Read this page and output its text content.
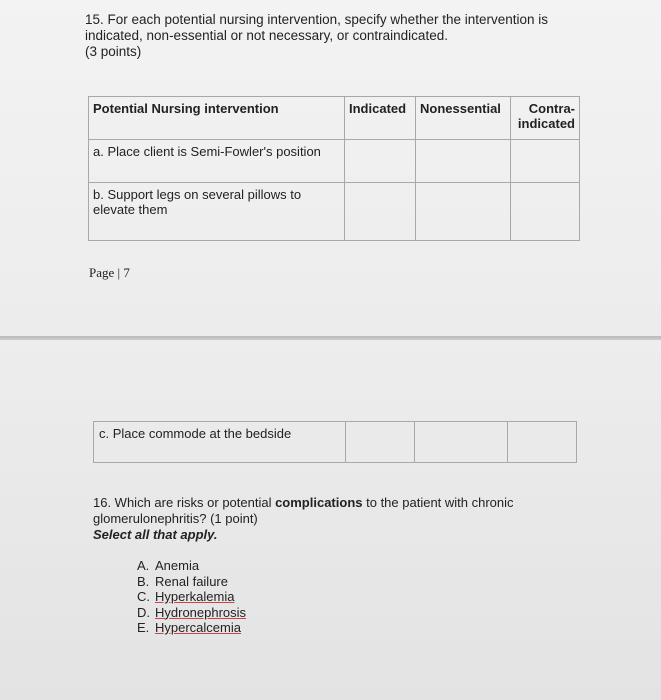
15. For each potential nursing intervention, specify whether the intervention is indicated, non-essential or not necessary, or contraindicated.
(3 points)
Potential Nursing intervention	Indicated	Nonessential	Contra-indicated
a. Place client is Semi-Fowler's position			
b. Support legs on several pillows to elevate them			
Page | 7
c. Place commode at the bedside			
16. Which are risks or potential complications to the patient with chronic glomerulonephritis? (1 point)
Select all that apply.
A. Anemia
B. Renal failure
C. Hyperkalemia
D. Hydronephrosis
E. Hypercalcemia
